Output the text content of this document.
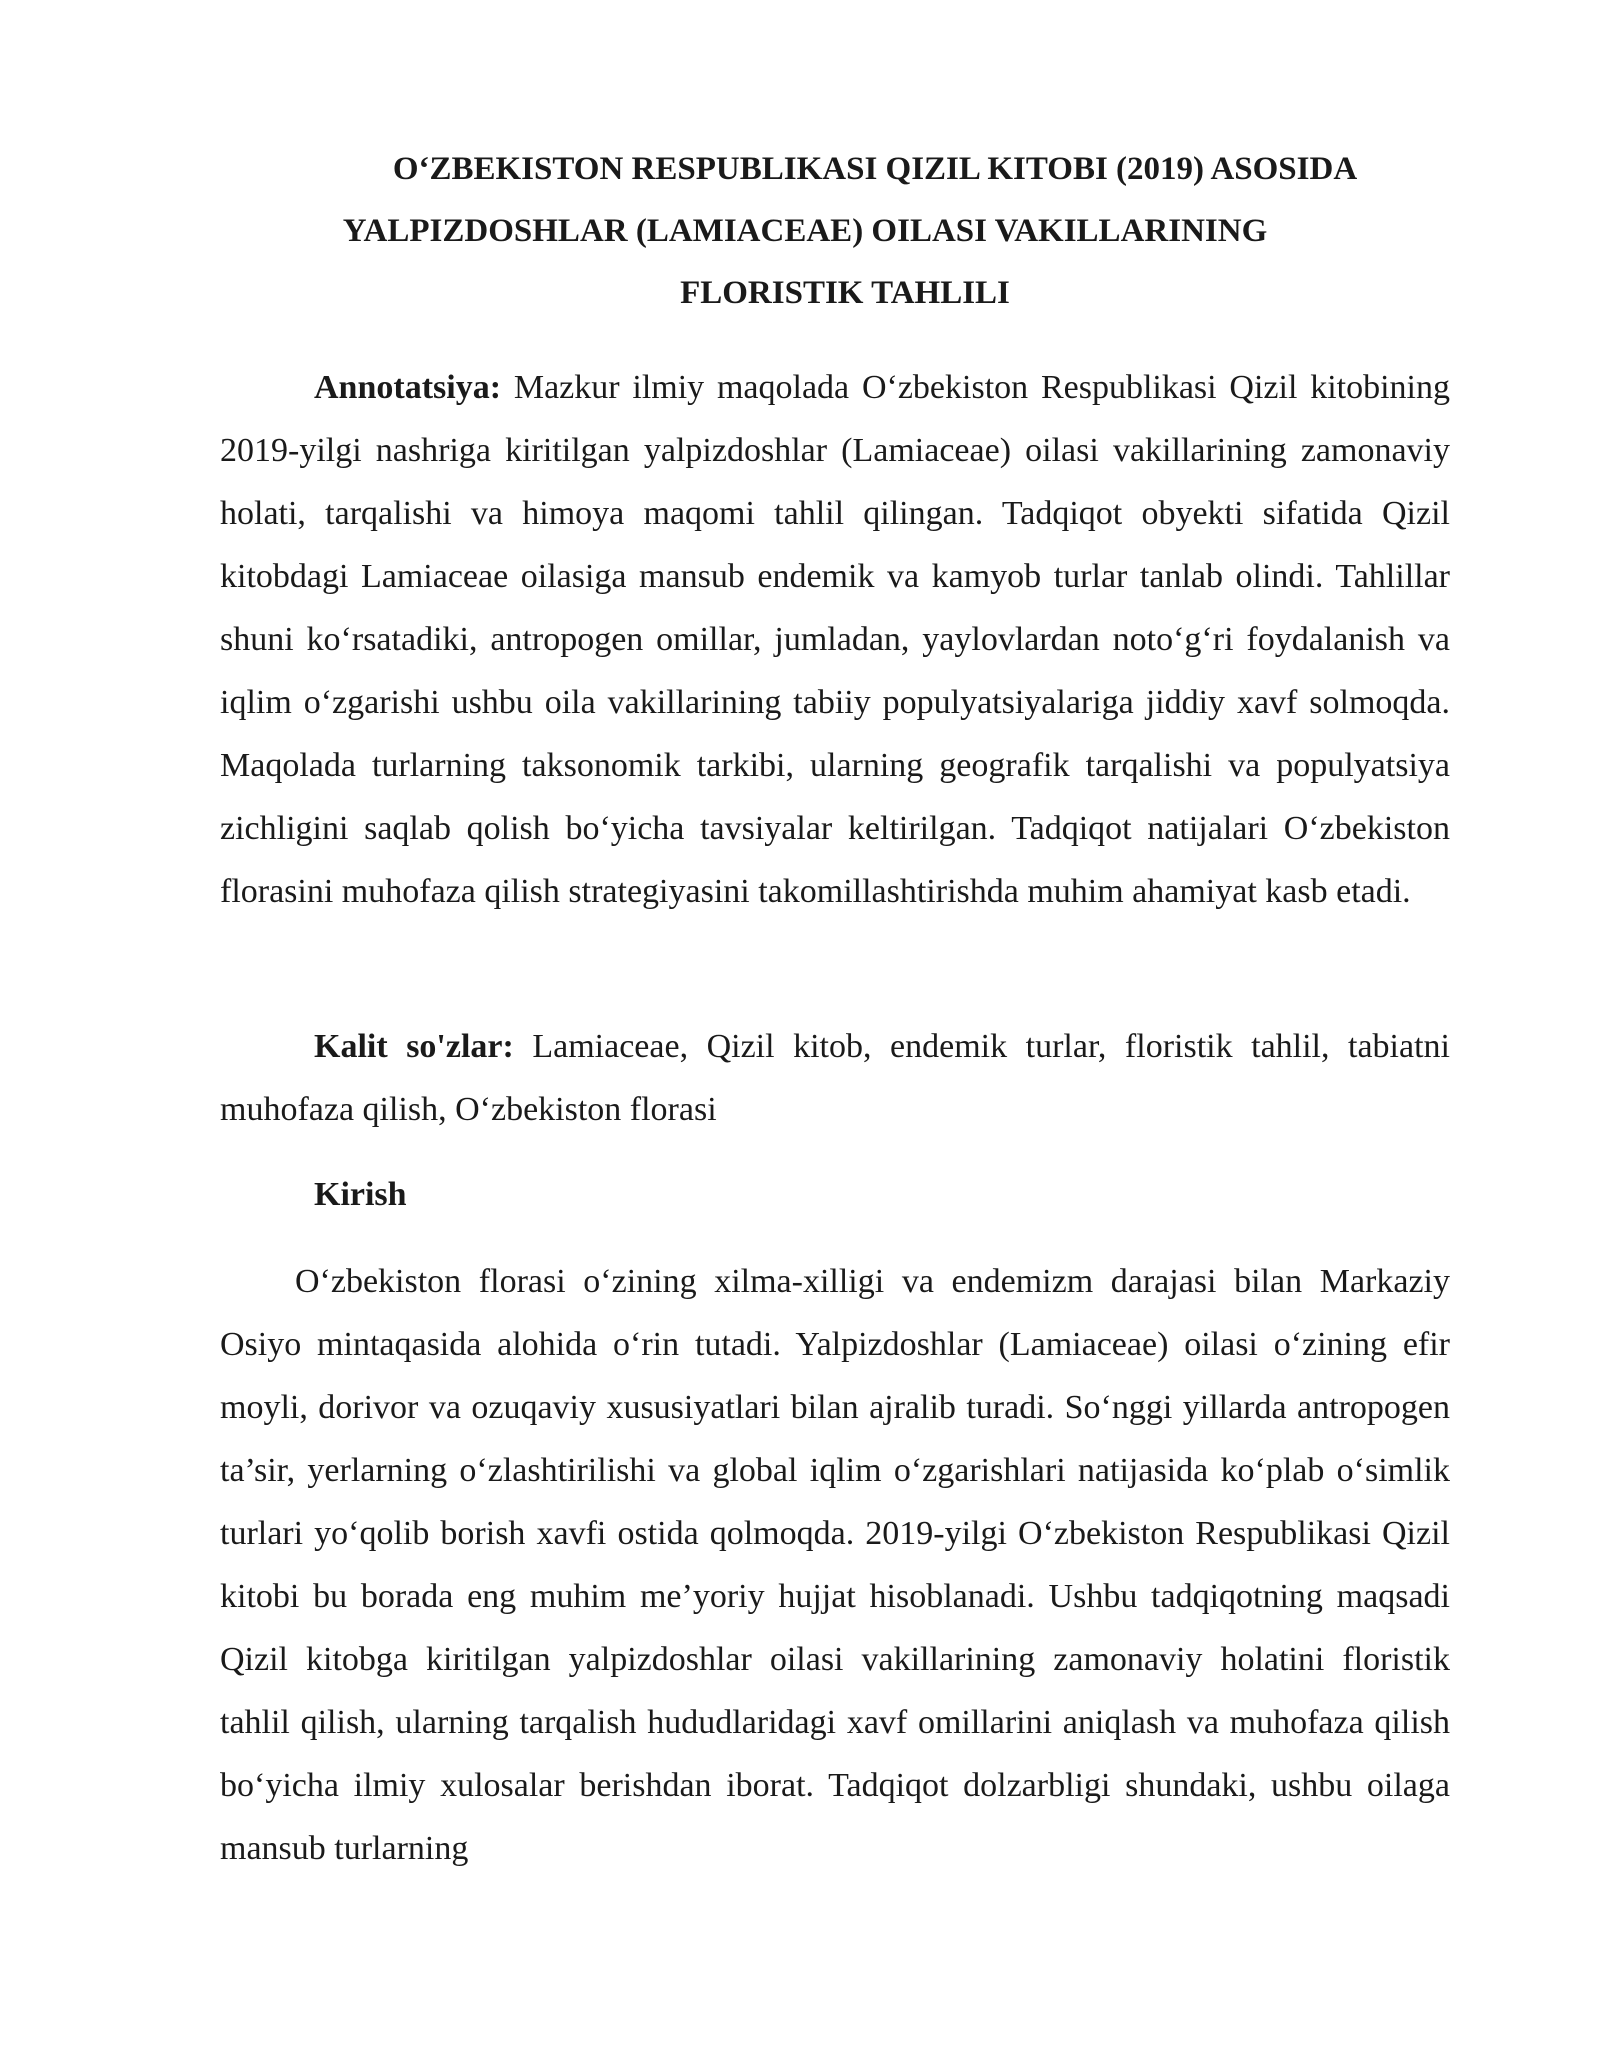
O‘ZBEKISTON RESPUBLIKASI QIZIL KITOBI (2019) ASOSIDA
YALPIZDOSHLAR (LAMIACEAE) OILASI VAKILLARINING
FLORISTIK TAHLILI

Annotatsiya: Mazkur ilmiy maqolada O‘zbekiston Respublikasi Qizil kitobining 2019-yilgi nashriga kiritilgan yalpizdoshlar (Lamiaceae) oilasi vakillarining zamonaviy holati, tarqalishi va himoya maqomi tahlil qilingan. Tadqiqot obyekti sifatida Qizil kitobdagi Lamiaceae oilasiga mansub endemik va kamyob turlar tanlab olindi. Tahlillar shuni ko‘rsatadiki, antropogen omillar, jumladan, yaylovlardan noto‘g‘ri foydalanish va iqlim o‘zgarishi ushbu oila vakillarining tabiiy populyatsiyalariga jiddiy xavf solmoqda. Maqolada turlarning taksonomik tarkibi, ularning geografik tarqalishi va populyatsiya zichligini saqlab qolish bo‘yicha tavsiyalar keltirilgan. Tadqiqot natijalari O‘zbekiston florasini muhofaza qilish strategiyasini takomillashtirishda muhim ahamiyat kasb etadi.

Kalit so'zlar: Lamiaceae, Qizil kitob, endemik turlar, floristik tahlil, tabiatni muhofaza qilish, O‘zbekiston florasi

Kirish

O‘zbekiston florasi o‘zining xilma-xilligi va endemizm darajasi bilan Markaziy Osiyo mintaqasida alohida o‘rin tutadi. Yalpizdoshlar (Lamiaceae) oilasi o‘zining efir moyli, dorivor va ozuqaviy xususiyatlari bilan ajralib turadi. So‘nggi yillarda antropogen ta’sir, yerlarning o‘zlashtirilishi va global iqlim o‘zgarishlari natijasida ko‘plab o‘simlik turlari yo‘qolib borish xavfi ostida qolmoqda. 2019-yilgi O‘zbekiston Respublikasi Qizil kitobi bu borada eng muhim me’yoriy hujjat hisoblanadi. Ushbu tadqiqotning maqsadi Qizil kitobga kiritilgan yalpizdoshlar oilasi vakillarining zamonaviy holatini floristik tahlil qilish, ularning tarqalish hududlaridagi xavf omillarini aniqlash va muhofaza qilish bo‘yicha ilmiy xulosalar berishdan iborat. Tadqiqot dolzarbligi shundaki, ushbu oilaga mansub turlarning
